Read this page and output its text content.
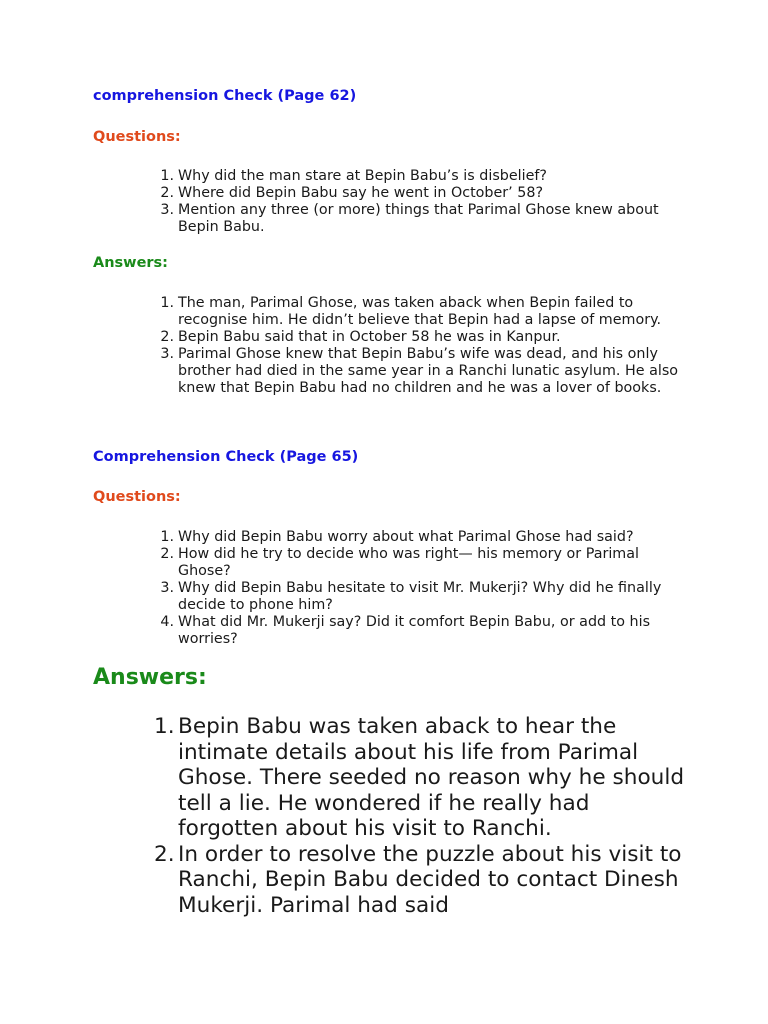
comprehension Check (Page 62)
Questions:
1. Why did the man stare at Bepin Babu’s is disbelief?
2. Where did Bepin Babu say he went in October’ 58?
3. Mention any three (or more) things that Parimal Ghose knew about Bepin Babu.
Answers:
1. The man, Parimal Ghose, was taken aback when Bepin failed to recognise him. He didn’t believe that Bepin had a lapse of memory.
2. Bepin Babu said that in October 58 he was in Kanpur.
3. Parimal Ghose knew that Bepin Babu’s wife was dead, and his only brother had died in the same year in a Ranchi lunatic asylum. He also knew that Bepin Babu had no children and he was a lover of books.
Comprehension Check (Page 65)
Questions:
1. Why did Bepin Babu worry about what Parimal Ghose had said?
2. How did he try to decide who was right— his memory or Parimal Ghose?
3. Why did Bepin Babu hesitate to visit Mr. Mukerji? Why did he finally decide to phone him?
4. What did Mr. Mukerji say? Did it comfort Bepin Babu, or add to his worries?
Answers:
1. Bepin Babu was taken aback to hear the intimate details about his life from Parimal Ghose. There seeded no reason why he should tell a lie. He wondered if he really had forgotten about his visit to Ranchi.
2. In order to resolve the puzzle about his visit to Ranchi, Bepin Babu decided to contact Dinesh Mukerji. Parimal had said
